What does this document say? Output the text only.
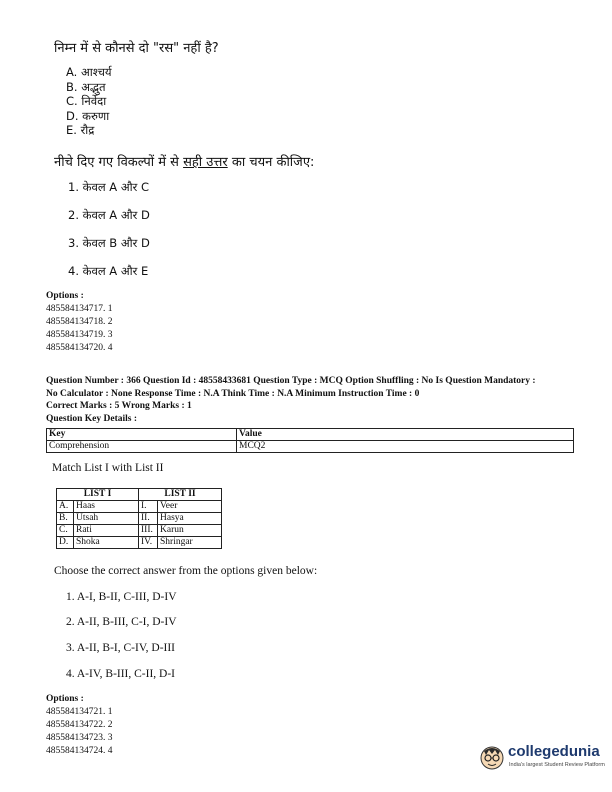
निम्न में से कौनसे दो "रस" नहीं है?
A. आश्चर्य
B. अद्भुत
C. निर्वेदा
D. करुणा
E. रौद्र
नीचे दिए गए विकल्पों में से सही उत्तर का चयन कीजिए:
1. केवल A और C
2. केवल A और D
3. केवल B और D
4. केवल A और E
Options :
485584134717. 1
485584134718. 2
485584134719. 3
485584134720. 4
Question Number : 366 Question Id : 48558433681 Question Type : MCQ Option Shuffling : No Is Question Mandatory :
No Calculator : None Response Time : N.A Think Time : N.A Minimum Instruction Time : 0
Correct Marks : 5 Wrong Marks : 1
Question Key Details :
Key	Value
Comprehension	MCQ2
Match List I with List II
LIST I		LIST II	
A.	Haas	I.	Veer
B.	Utsah	II.	Hasya
C.	Rati	III.	Karun
D.	Shoka	IV.	Shringar
Choose the correct answer from the options given below:
1. A-I, B-II, C-III, D-IV
2. A-II, B-III, C-I, D-IV
3. A-II, B-I, C-IV, D-III
4. A-IV, B-III, C-II, D-I
Options :
485584134721. 1
485584134722. 2
485584134723. 3
485584134724. 4	collegedunia
India's largest Student Review Platform
